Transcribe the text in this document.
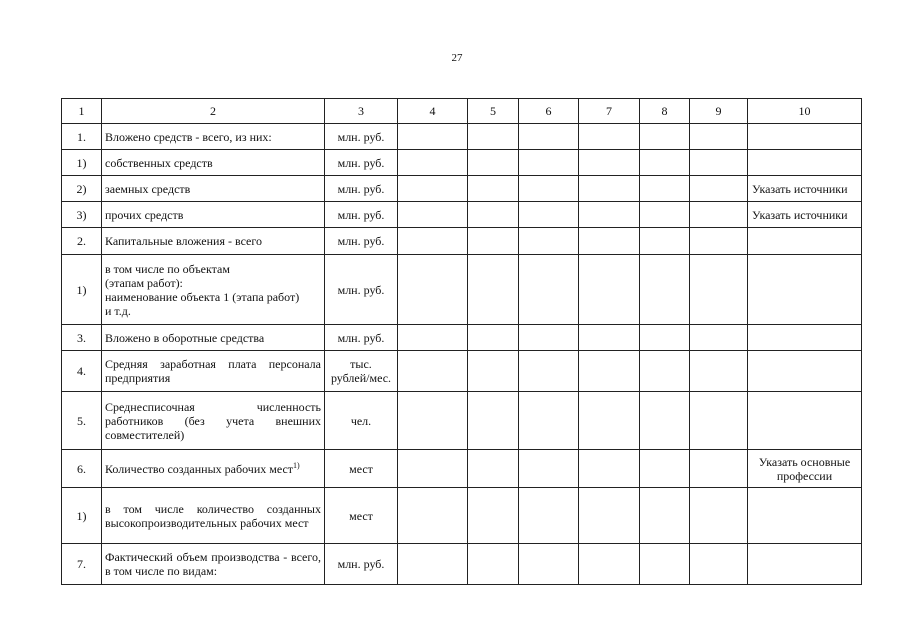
27
1	2	3	4	5	6	7	8	9	10
1.	Вложено средств - всего, из них:	млн. руб.							
1)	собственных средств	млн. руб.							
2)	заемных средств	млн. руб.							Указать источники
3)	прочих средств	млн. руб.							Указать источники
2.	Капитальные вложения - всего	млн. руб.							
1)	в том числе по объектам
(этапам работ):
наименование объекта 1 (этапа работ)
и т.д.	млн. руб.							
3.	Вложено в оборотные средства	млн. руб.							
4.	Средняя заработная плата персонала предприятия	тыс.
рублей/мес.							
5.	Среднесписочная численность работников (без учета внешних совместителей)	чел.							
6.	Количество созданных рабочих мест$^{1)}$	мест							Указать основные
профессии
1)	в том числе количество созданных высокопроизводительных рабочих мест	мест							
7.	Фактический объем производства - всего, в том числе по видам:	млн. руб.							
